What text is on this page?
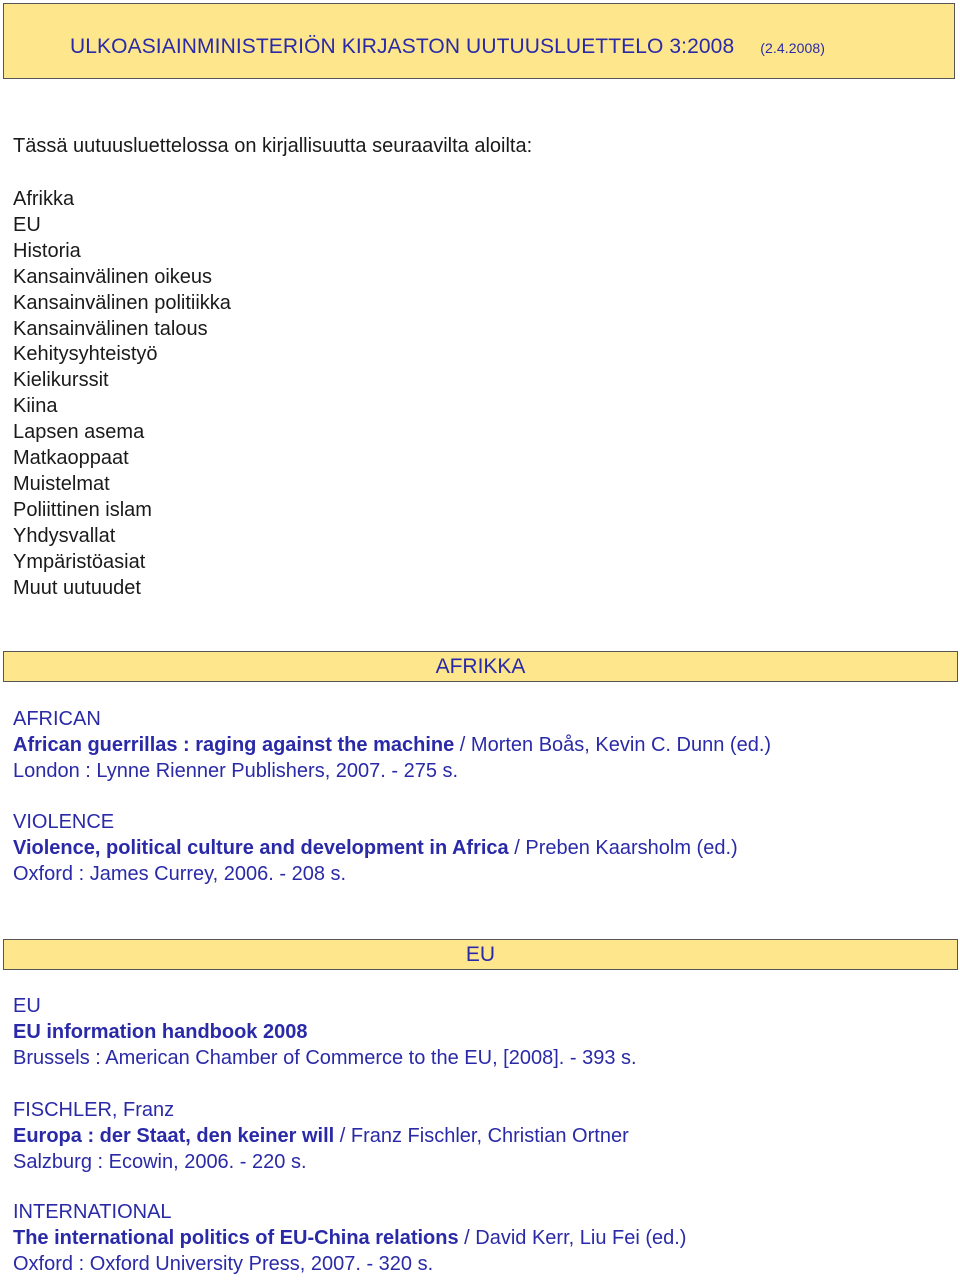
ULKOASIAINMINISTERIÖN KIRJASTON UUTUUSLUETTELO 3:2008 (2.4.2008)
Tässä uutuusluettelossa on kirjallisuutta seuraavilta aloilta:
Afrikka
EU
Historia
Kansainvälinen oikeus
Kansainvälinen politiikka
Kansainvälinen talous
Kehitysyhteistyö
Kielikurssit
Kiina
Lapsen asema
Matkaoppaat
Muistelmat
Poliittinen islam
Yhdysvallat
Ympäristöasiat
Muut uutuudet
AFRIKKA
AFRICAN
African guerrillas : raging against the machine / Morten Boås, Kevin C. Dunn (ed.)
London : Lynne Rienner Publishers, 2007. - 275 s.
VIOLENCE
Violence, political culture and development in Africa / Preben Kaarsholm (ed.)
Oxford : James Currey, 2006. - 208 s.
EU
EU
EU information handbook 2008
Brussels : American Chamber of Commerce to the EU, [2008]. - 393 s.
FISCHLER, Franz
Europa : der Staat, den keiner will / Franz Fischler, Christian Ortner
Salzburg : Ecowin, 2006. - 220 s.
INTERNATIONAL
The international politics of EU-China relations / David Kerr, Liu Fei (ed.)
Oxford : Oxford University Press, 2007. - 320 s.
